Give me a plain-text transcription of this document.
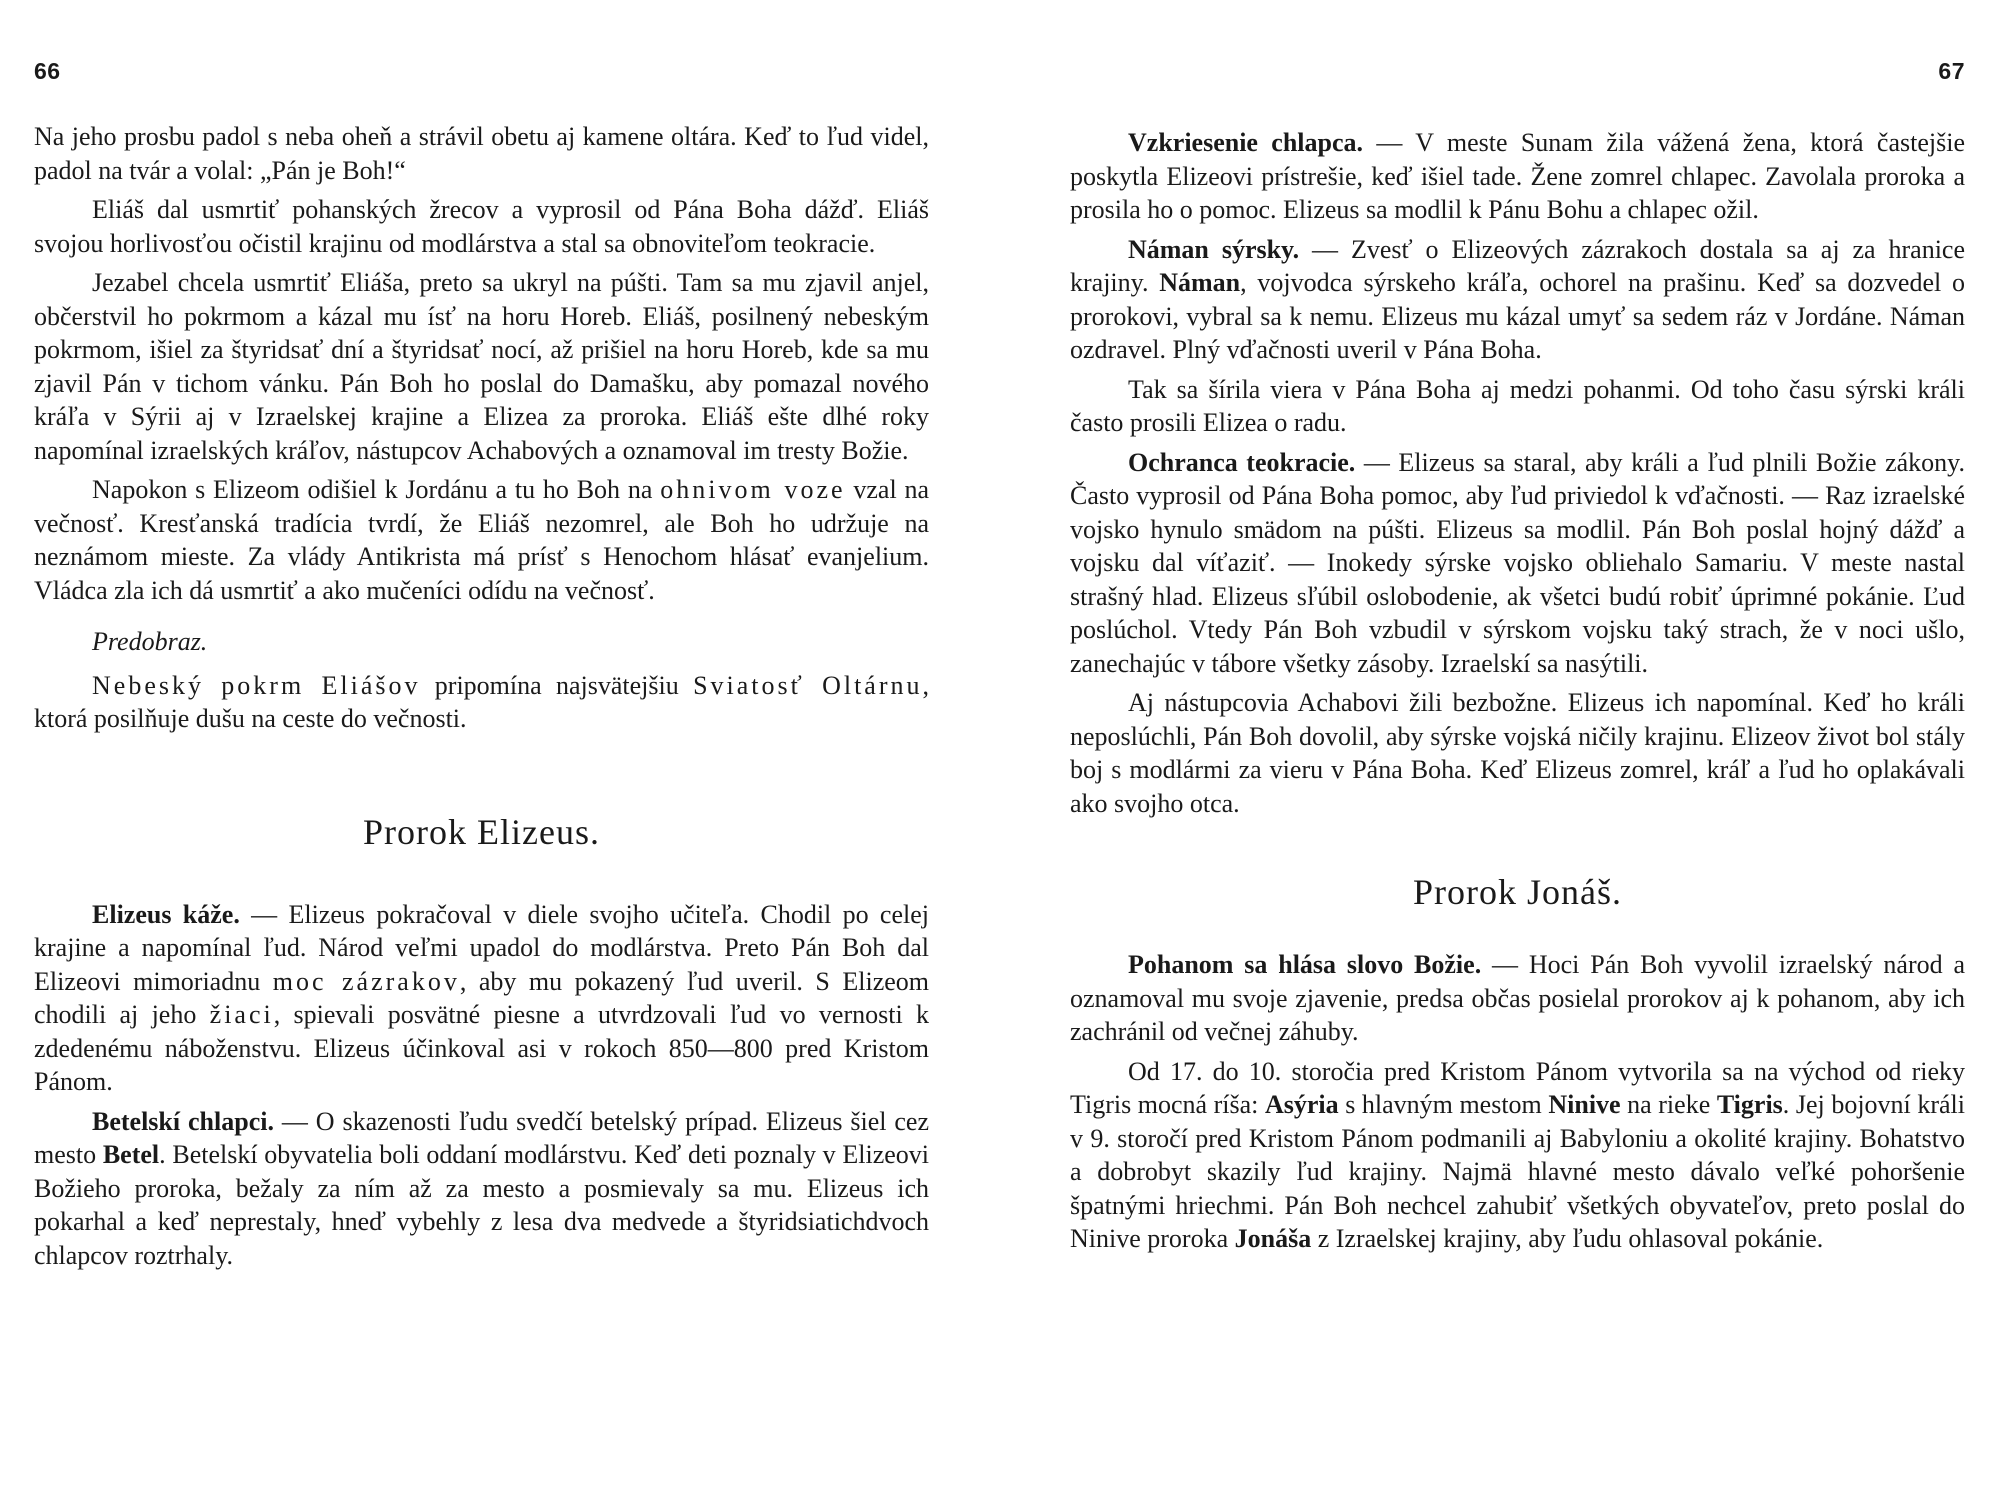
66

Na jeho prosbu padol s neba oheň a strávil obetu aj kamene oltára. Keď to ľud videl, padol na tvár a volal: „Pán je Boh!“

Eliáš dal usmrtiť pohanských žrecov a vyprosil od Pána Boha dážď. Eliáš svojou horlivosťou očistil krajinu od modlárstva a stal sa obnoviteľom teokracie.

Jezabel chcela usmrtiť Eliáša, preto sa ukryl na púšti. Tam sa mu zjavil anjel, občerstvil ho pokrmom a kázal mu ísť na horu Horeb. Eliáš, posilnený nebeským pokrmom, išiel za štyridsať dní a štyridsať nocí, až prišiel na horu Horeb, kde sa mu zjavil Pán v tichom vánku. Pán Boh ho poslal do Damašku, aby pomazal nového kráľa v Sýrii aj v Izraelskej krajine a Elizea za proroka. Eliáš ešte dlhé roky napomínal izraelských kráľov, nástupcov Achabových a oznamoval im tresty Božie.

Napokon s Elizeom odišiel k Jordánu a tu ho Boh na ohnivom voze vzal na večnosť. Kresťanská tradícia tvrdí, že Eliáš nezomrel, ale Boh ho udržuje na neznámom mieste. Za vlády Antikrista má prísť s Henochom hlásať evanjelium. Vládca zla ich dá usmrtiť a ako mučeníci odídu na večnosť.

Predobraz.

Nebeský pokrm Eliášov pripomína najsvätejšiu Sviatosť Oltárnu, ktorá posilňuje dušu na ceste do večnosti.

Prorok Elizeus.

Elizeus káže. — Elizeus pokračoval v diele svojho učiteľa. Chodil po celej krajine a napomínal ľud. Národ veľmi upadol do modlárstva. Preto Pán Boh dal Elizeovi mimoriadnu moc zázrakov, aby mu pokazený ľud uveril. S Elizeom chodili aj jeho žiaci, spievali posvätné piesne a utvrdzovali ľud vo vernosti k zdedenému náboženstvu. Elizeus účinkoval asi v rokoch 850—800 pred Kristom Pánom.

Betelskí chlapci. — O skazenosti ľudu svedčí betelský prípad. Elizeus šiel cez mesto Betel. Betelskí obyvatelia boli oddaní modlárstvu. Keď deti poznaly v Elizeovi Božieho proroka, bežaly za ním až za mesto a posmievaly sa mu. Elizeus ich pokarhal a keď neprestaly, hneď vybehly z lesa dva medvede a štyridsiatichdvoch chlapcov roztrhaly.

67

Vzkriesenie chlapca. — V meste Sunam žila vážená žena, ktorá častejšie poskytla Elizeovi prístrešie, keď išiel tade. Žene zomrel chlapec. Zavolala proroka a prosila ho o pomoc. Elizeus sa modlil k Pánu Bohu a chlapec ožil.

Náman sýrsky. — Zvesť o Elizeových zázrakoch dostala sa aj za hranice krajiny. Náman, vojvodca sýrskeho kráľa, ochorel na prašinu. Keď sa dozvedel o prorokovi, vybral sa k nemu. Elizeus mu kázal umyť sa sedem ráz v Jordáne. Náman ozdravel. Plný vďačnosti uveril v Pána Boha.

Tak sa šírila viera v Pána Boha aj medzi pohanmi. Od toho času sýrski králi často prosili Elizea o radu.

Ochranca teokracie. — Elizeus sa staral, aby králi a ľud plnili Božie zákony. Často vyprosil od Pána Boha pomoc, aby ľud priviedol k vďačnosti. — Raz izraelské vojsko hynulo smädom na púšti. Elizeus sa modlil. Pán Boh poslal hojný dážď a vojsku dal víťaziť. — Inokedy sýrske vojsko obliehalo Samariu. V meste nastal strašný hlad. Elizeus sľúbil oslobodenie, ak všetci budú robiť úprimné pokánie. Ľud poslúchol. Vtedy Pán Boh vzbudil v sýrskom vojsku taký strach, že v noci ušlo, zanechajúc v tábore všetky zásoby. Izraelskí sa nasýtili.

Aj nástupcovia Achabovi žili bezbožne. Elizeus ich napomínal. Keď ho králi neposlúchli, Pán Boh dovolil, aby sýrske vojská ničily krajinu. Elizeov život bol stály boj s modlármi za vieru v Pána Boha. Keď Elizeus zomrel, kráľ a ľud ho oplakávali ako svojho otca.

Prorok Jonáš.

Pohanom sa hlása slovo Božie. — Hoci Pán Boh vyvolil izraelský národ a oznamoval mu svoje zjavenie, predsa občas posielal prorokov aj k pohanom, aby ich zachránil od večnej záhuby.

Od 17. do 10. storočia pred Kristom Pánom vytvorila sa na východ od rieky Tigris mocná ríša: Asýria s hlavným mestom Ninive na rieke Tigris. Jej bojovní králi v 9. storočí pred Kristom Pánom podmanili aj Babyloniu a okolité krajiny. Bohatstvo a dobrobyt skazily ľud krajiny. Najmä hlavné mesto dávalo veľké pohoršenie špatnými hriechmi. Pán Boh nechcel zahubiť všetkých obyvateľov, preto poslal do Ninive proroka Jonáša z Izraelskej krajiny, aby ľudu ohlasoval pokánie.
